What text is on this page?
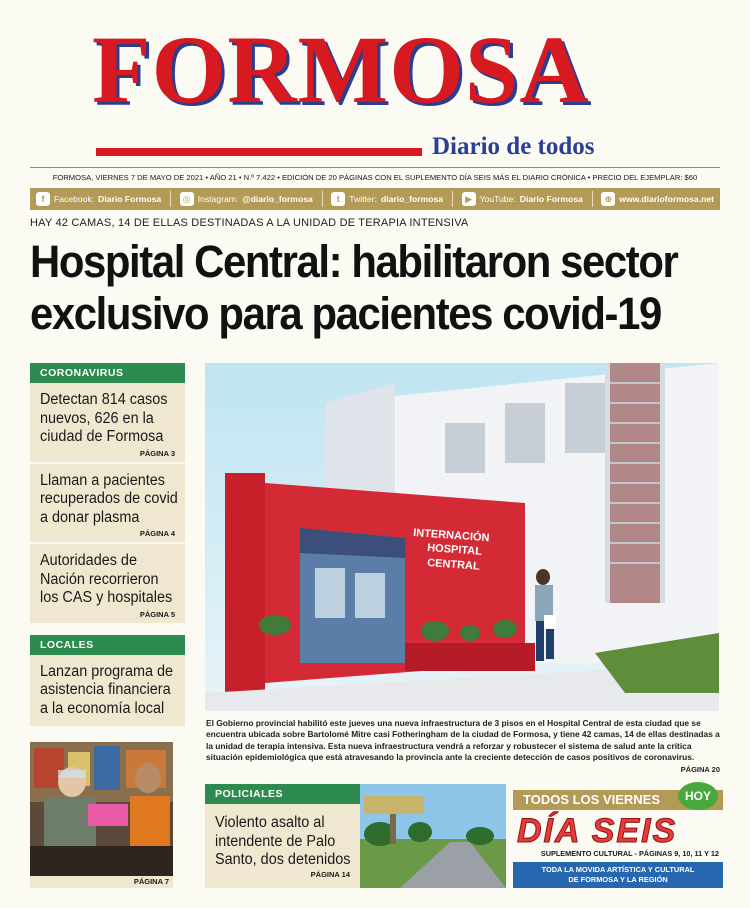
FORMOSA
Diario de todos
FORMOSA, VIERNES 7 DE MAYO DE 2021 • AÑO 21 • N.º 7.422 • EDICIÓN DE 20 PÁGINAS CON EL SUPLEMENTO DÍA SEIS MÁS EL DIARIO CRÓNICA • PRECIO DEL EJEMPLAR: $60
f	Facebook: Diario Formosa	◎ Instagram: @diario_formosa	t	Twitter: diario_formosa	▶ YouTube: Diario Formosa	⊕ www.diarioformosa.net
HAY 42 CAMAS, 14 DE ELLAS DESTINADAS A LA UNIDAD DE TERAPIA INTENSIVA
Hospital Central: habilitaron sector exclusivo para pacientes covid-19
CORONAVIRUS
Detectan 814 casos nuevos, 626 en la ciudad de Formosa
PÁGINA 3
Llaman a pacientes recuperados de covid a donar plasma
PÁGINA 4
Autoridades de Nación recorrieron los CAS y hospitales
PÁGINA 5
LOCALES
Lanzan programa de asistencia financiera a la economía local
PÁGINA 7
INTERNACIÓN
HOSPITAL
CENTRAL
El Gobierno provincial habilitó este jueves una nueva infraestructura de 3 pisos en el Hospital Central de esta ciudad que se encuentra ubicada sobre Bartolomé Mitre casi Fotheringham de la ciudad de Formosa, y tiene 42 camas, 14 de ellas destinadas a la unidad de terapia intensiva. Esta nueva infraestructura vendrá a reforzar y robustecer el sistema de salud ante la crítica situación epidemiológica que está atravesando la provincia ante la creciente detección de casos positivos de coronavirus.
PÁGINA 20
POLICIALES
Violento asalto al intendente de Palo Santo, dos detenidos
PÁGINA 14
TODOS LOS VIERNES	HOY
DÍA SEIS
SUPLEMENTO CULTURAL - PÁGINAS 9, 10, 11 Y 12
TODA LA MOVIDA ARTÍSTICA Y CULTURAL
DE FORMOSA Y LA REGIÓN
